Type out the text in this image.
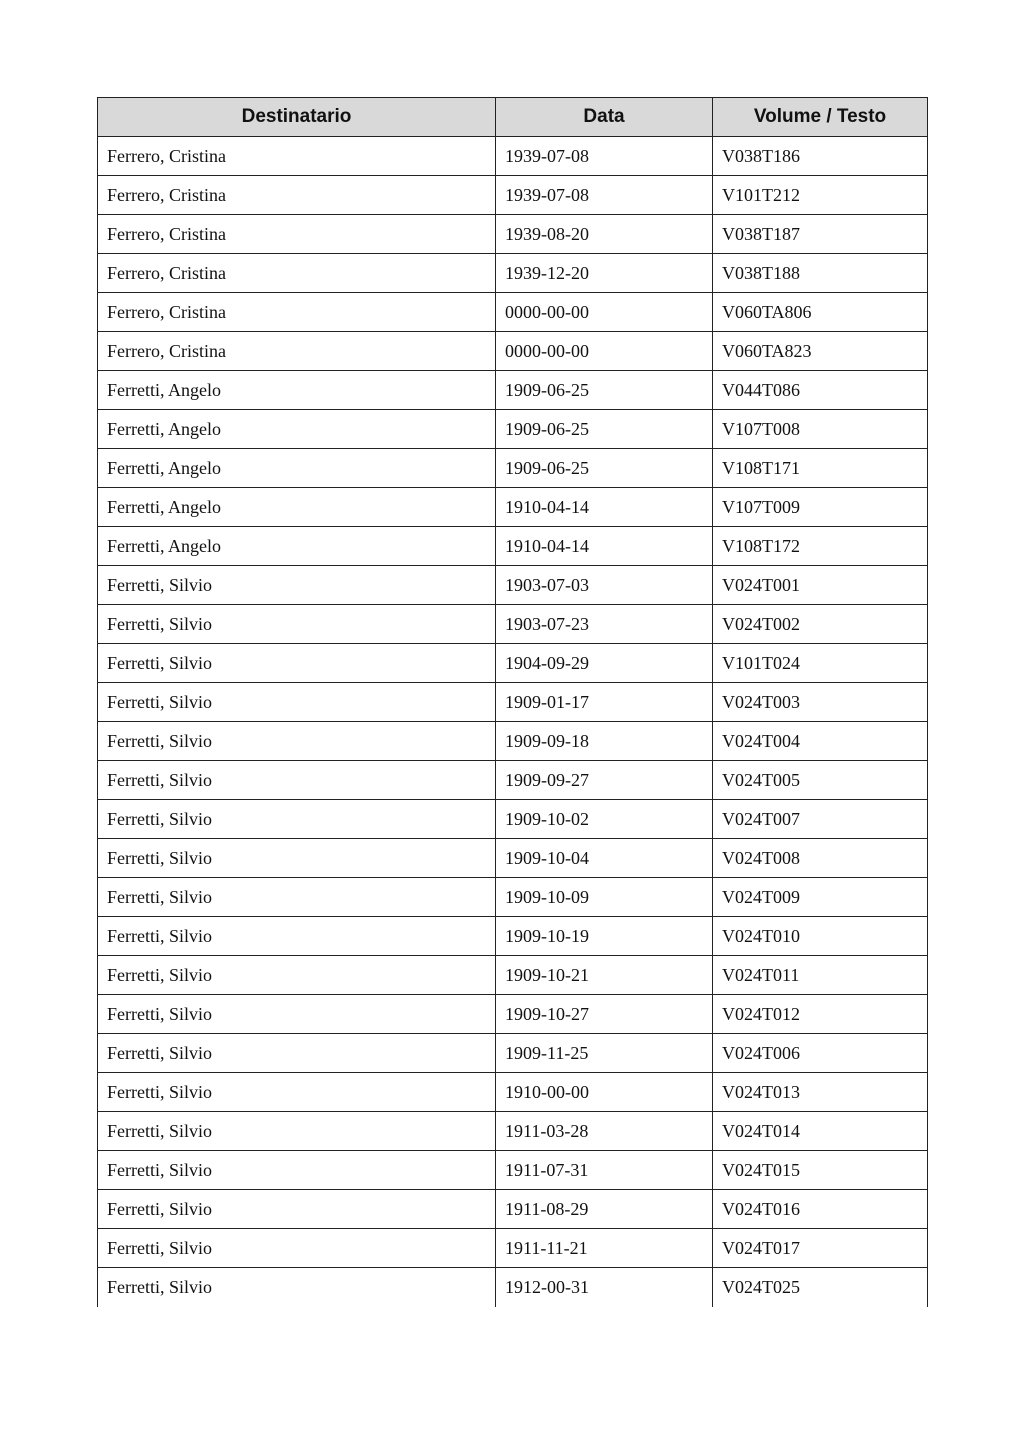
Destinatario	Data	Volume / Testo
Ferrero, Cristina	1939-07-08	V038T186
Ferrero, Cristina	1939-07-08	V101T212
Ferrero, Cristina	1939-08-20	V038T187
Ferrero, Cristina	1939-12-20	V038T188
Ferrero, Cristina	0000-00-00	V060TA806
Ferrero, Cristina	0000-00-00	V060TA823
Ferretti, Angelo	1909-06-25	V044T086
Ferretti, Angelo	1909-06-25	V107T008
Ferretti, Angelo	1909-06-25	V108T171
Ferretti, Angelo	1910-04-14	V107T009
Ferretti, Angelo	1910-04-14	V108T172
Ferretti, Silvio	1903-07-03	V024T001
Ferretti, Silvio	1903-07-23	V024T002
Ferretti, Silvio	1904-09-29	V101T024
Ferretti, Silvio	1909-01-17	V024T003
Ferretti, Silvio	1909-09-18	V024T004
Ferretti, Silvio	1909-09-27	V024T005
Ferretti, Silvio	1909-10-02	V024T007
Ferretti, Silvio	1909-10-04	V024T008
Ferretti, Silvio	1909-10-09	V024T009
Ferretti, Silvio	1909-10-19	V024T010
Ferretti, Silvio	1909-10-21	V024T011
Ferretti, Silvio	1909-10-27	V024T012
Ferretti, Silvio	1909-11-25	V024T006
Ferretti, Silvio	1910-00-00	V024T013
Ferretti, Silvio	1911-03-28	V024T014
Ferretti, Silvio	1911-07-31	V024T015
Ferretti, Silvio	1911-08-29	V024T016
Ferretti, Silvio	1911-11-21	V024T017
Ferretti, Silvio	1912-00-31	V024T025
